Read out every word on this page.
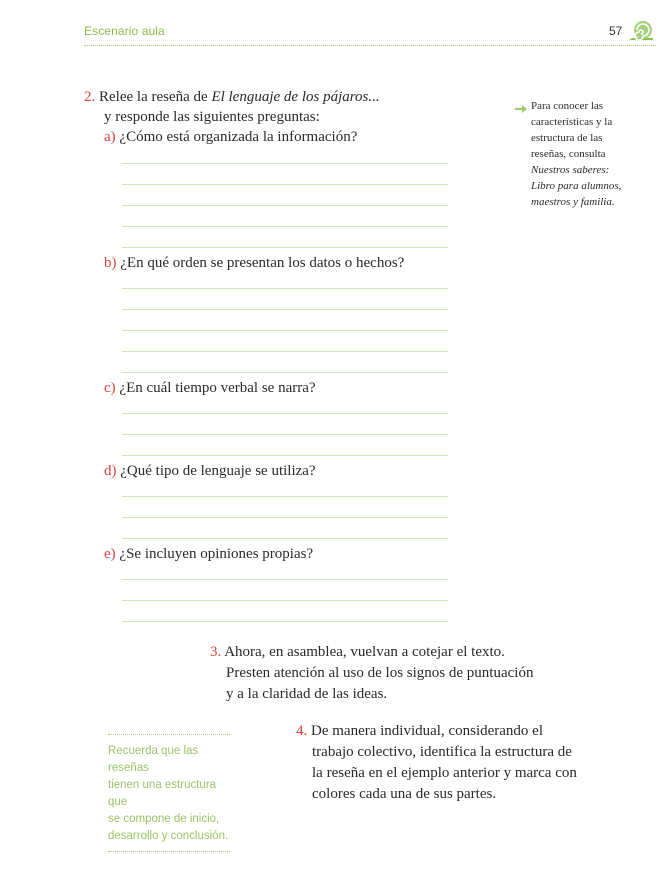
Escenario aula	57
2. Relee la reseña de El lenguaje de los pájaros...
y responde las siguientes preguntas:
a) ¿Cómo está organizada la información?
b) ¿En qué orden se presentan los datos o hechos?
c) ¿En cuál tiempo verbal se narra?
d) ¿Qué tipo de lenguaje se utiliza?
e) ¿Se incluyen opiniones propias?
Para conocer las
características y la
estructura de las
reseñas, consulta
Nuestros saberes:
Libro para alumnos,
maestros y familia.
3. Ahora, en asamblea, vuelvan a cotejar el texto.
Presten atención al uso de los signos de puntuación
y a la claridad de las ideas.
4. De manera individual, considerando el
trabajo colectivo, identifica la estructura de
la reseña en el ejemplo anterior y marca con
colores cada una de sus partes.
Recuerda que las reseñas
tienen una estructura que
se compone de inicio,
desarrollo y conclusión.
